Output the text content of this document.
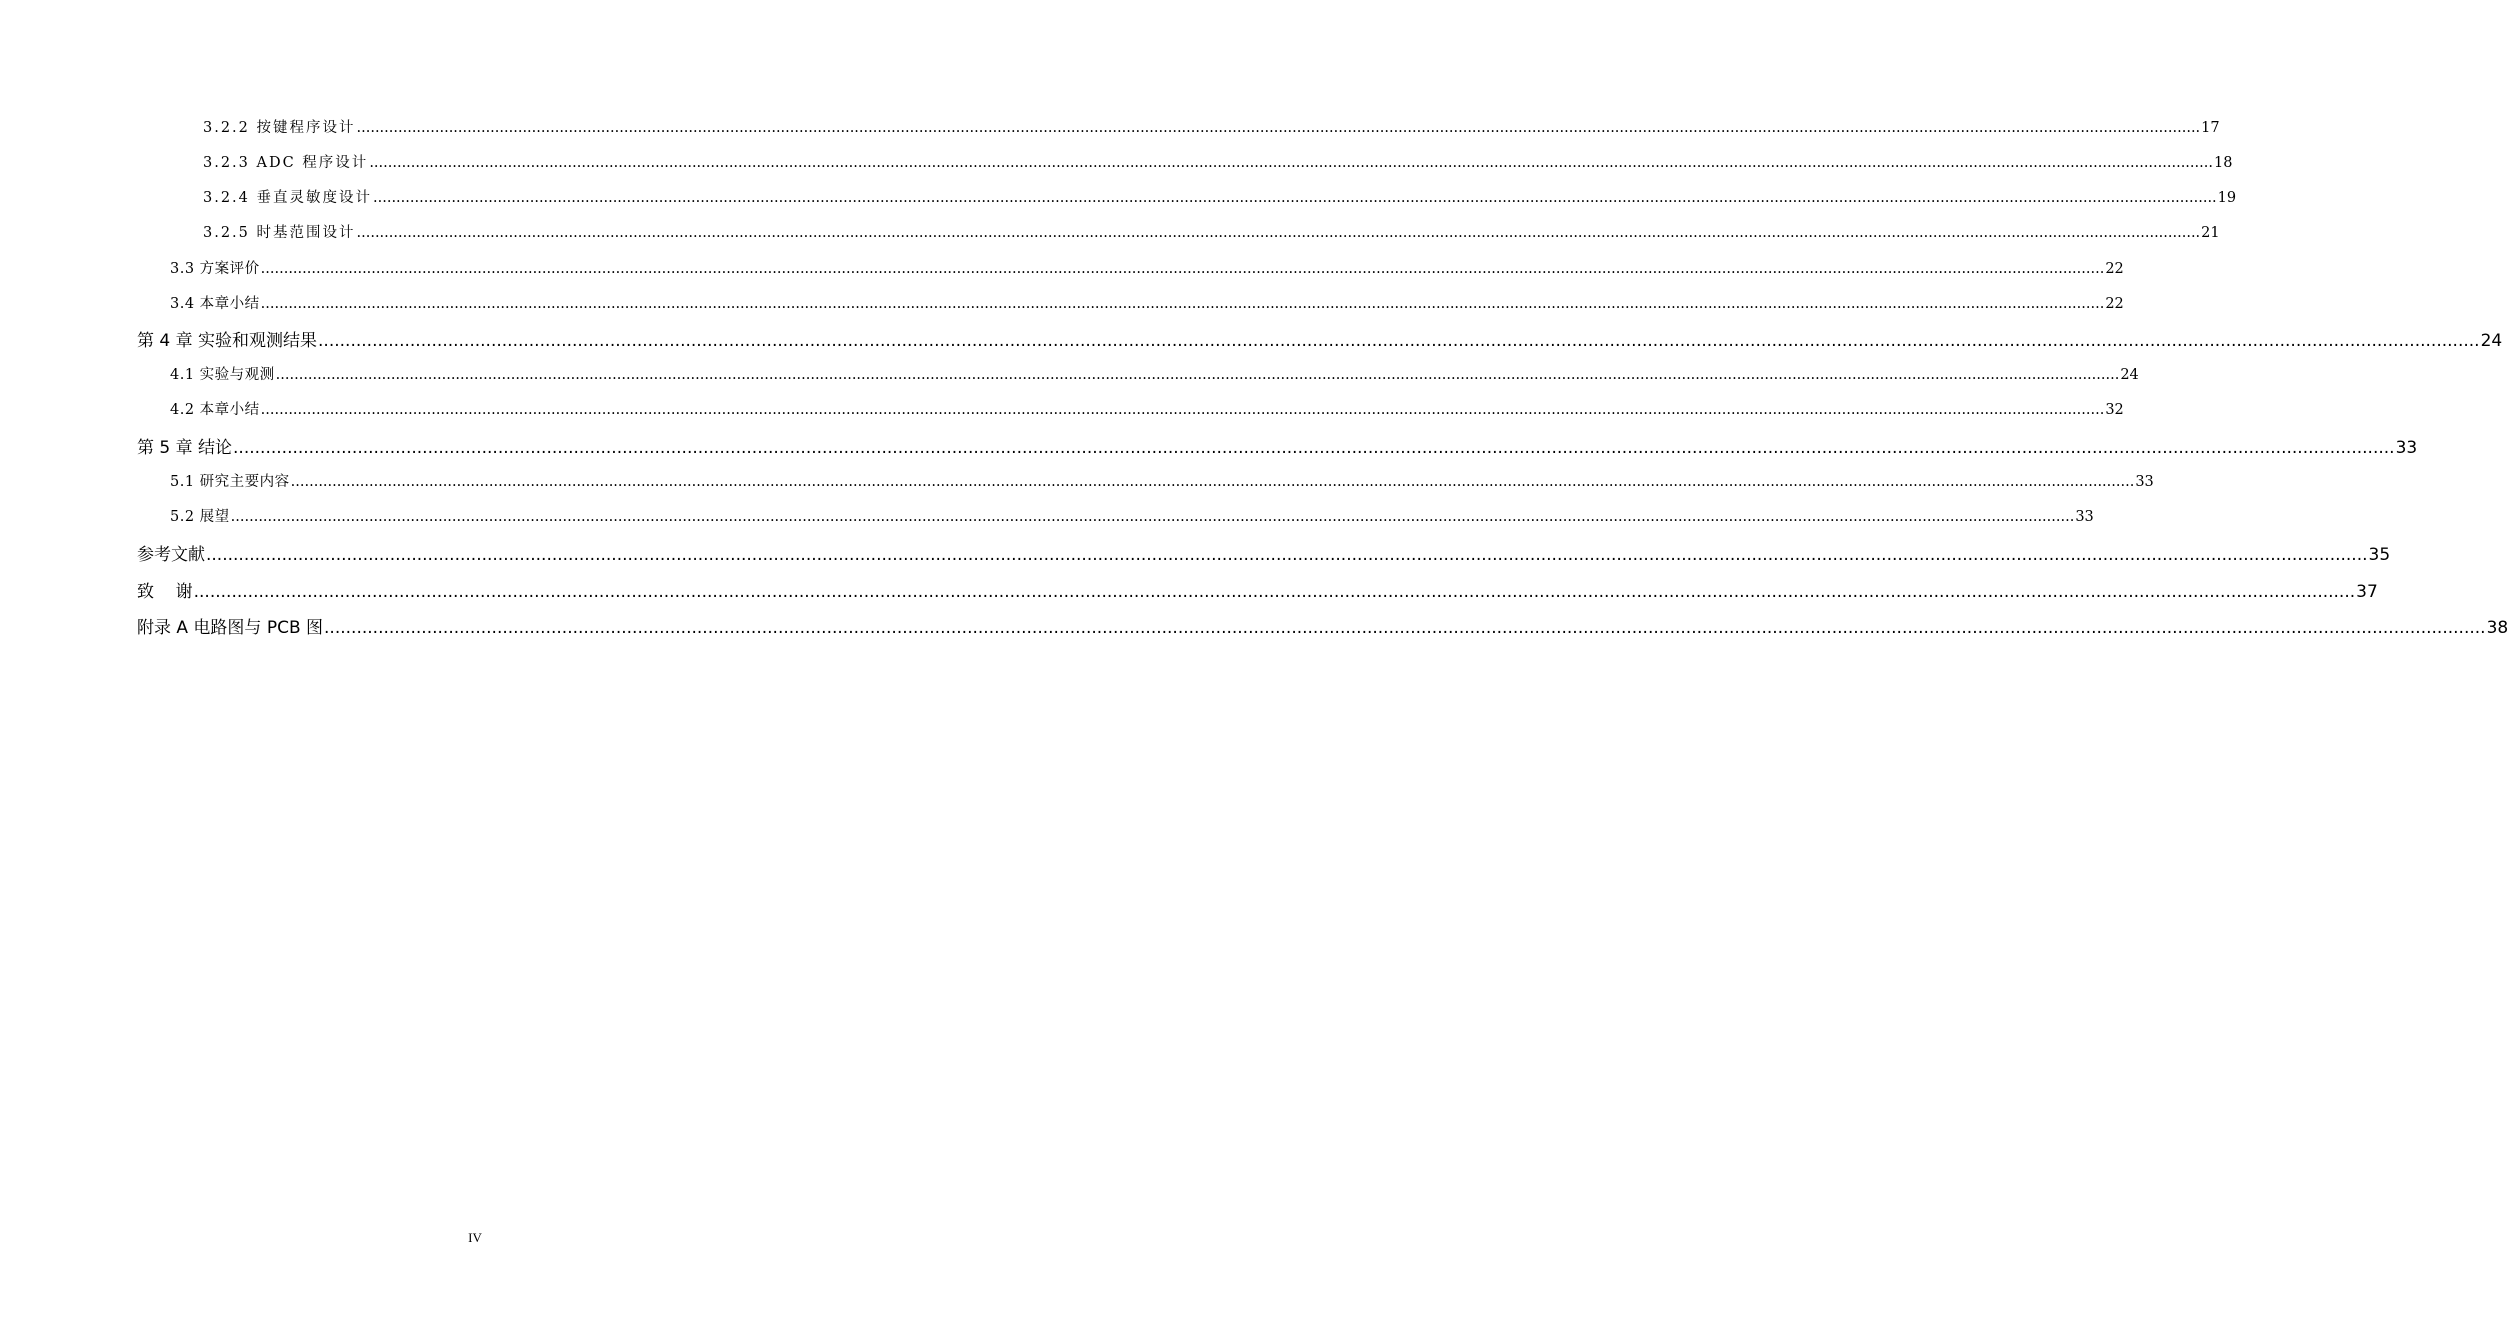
3.2.2 按键程序设计 ................................................................................................................................................................................................................................................................................................................................................................................................................ 17
3.2.3 ADC 程序设计 ................................................................................................................................................................................................................................................................................................................................................................................................................ 18
3.2.4 垂直灵敏度设计 ................................................................................................................................................................................................................................................................................................................................................................................................................ 19
3.2.5 时基范围设计 ................................................................................................................................................................................................................................................................................................................................................................................................................ 21
3.3 方案评价 ................................................................................................................................................................................................................................................................................................................................................................................................................ 22
3.4 本章小结 ................................................................................................................................................................................................................................................................................................................................................................................................................ 22
第 4 章 实验和观测结果 ................................................................................................................................................................................................................................................................................................................................................................................................................ 24
4.1 实验与观测 ................................................................................................................................................................................................................................................................................................................................................................................................................ 24
4.2 本章小结 ................................................................................................................................................................................................................................................................................................................................................................................................................ 32
第 5 章 结论 ................................................................................................................................................................................................................................................................................................................................................................................................................ 33
5.1 研究主要内容 ................................................................................................................................................................................................................................................................................................................................................................................................................ 33
5.2 展望 ................................................................................................................................................................................................................................................................................................................................................................................................................ 33
参考文献 ................................................................................................................................................................................................................................................................................................................................................................................................................ 35
致    谢 ................................................................................................................................................................................................................................................................................................................................................................................................................ 37
附录 A 电路图与 PCB 图 ................................................................................................................................................................................................................................................................................................................................................................................................................ 38
IV
